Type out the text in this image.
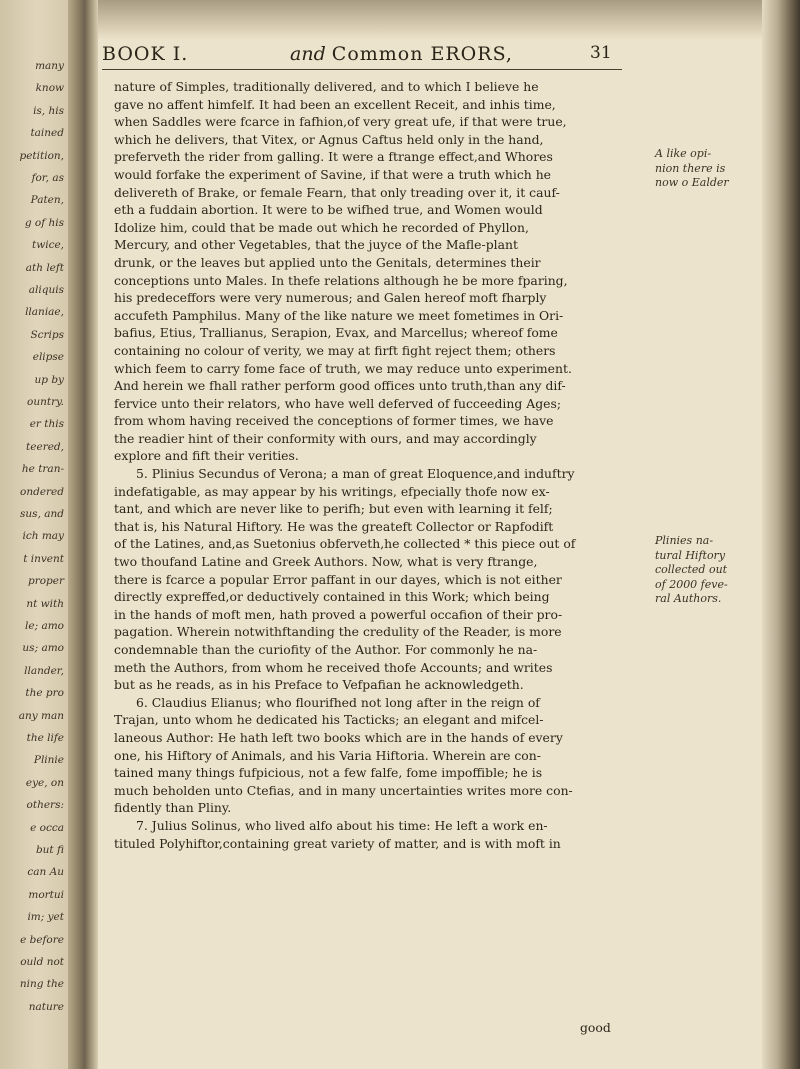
many
know
is, his
tained
petition,
for, as
Paten,
g of his
twice,
ath left
aliquis
llaniae,
Scrips
elipse
up by
ountry.
er this
teered,
he tran-
ondered
sus, and
ich may
t invent
proper
nt with
le; amo
us; amo
llander,
the pro
any man
the life
Plinie
eye, on
others:
e occa
but fi
can Au
mortui
im; yet
e before
ould not
ning the
nature
BOOK I.	and Common ERORS,	31
nature of Simples, traditionally delivered, and to which I believe he
gave no affent himfelf. It had been an excellent Receit, and inhis time,
when Saddles were fcarce in fafhion,of very great ufe, if that were true,
which he delivers, that Vitex, or Agnus Caftus held only in the hand,
preferveth the rider from galling. It were a ftrange effect,and Whores
would forfake the experiment of Savine, if that were a truth which he
delivereth of Brake, or female Fearn, that only treading over it, it cauf-
eth a fuddain abortion. It were to be wifhed true, and Women would
Idolize him, could that be made out which he recorded of Phyllon,
Mercury, and other Vegetables, that the juyce of the Mafle-plant
drunk, or the leaves but applied unto the Genitals, determines their
conceptions unto Males. In thefe relations although he be more fparing,
his predeceffors were very numerous; and Galen hereof moft fharply
accufeth Pamphilus. Many of the like nature we meet fometimes in Ori-
bafius, Etius, Trallianus, Serapion, Evax, and Marcellus; whereof fome
containing no colour of verity, we may at firft fight reject them; others
which feem to carry fome face of truth, we may reduce unto experiment.
And herein we fhall rather perform good offices unto truth,than any dif-
fervice unto their relators, who have well deferved of fucceeding Ages;
from whom having received the conceptions of former times, we have
the readier hint of their conformity with ours, and may accordingly
explore and fift their verities.
5. Plinius Secundus of Verona; a man of great Eloquence,and induftry
indefatigable, as may appear by his writings, efpecially thofe now ex-
tant, and which are never like to perifh; but even with learning it felf;
that is, his Natural Hiftory. He was the greateft Collector or Rapfodift
of the Latines, and,as Suetonius obferveth,he collected * this piece out of
two thoufand Latine and Greek Authors. Now, what is very ftrange,
there is fcarce a popular Error paffant in our dayes, which is not either
directly expreffed,or deductively contained in this Work; which being
in the hands of moft men, hath proved a powerful occafion of their pro-
pagation. Wherein notwithftanding the credulity of the Reader, is more
condemnable than the curiofity of the Author. For commonly he na-
meth the Authors, from whom he received thofe Accounts; and writes
but as he reads, as in his Preface to Vefpafian he acknowledgeth.
6. Claudius Elianus; who flourifhed not long after in the reign of
Trajan, unto whom he dedicated his Tacticks; an elegant and mifcel-
laneous Author: He hath left two books which are in the hands of every
one, his Hiftory of Animals, and his Varia Hiftoria. Wherein are con-
tained many things fufpicious, not a few falfe, fome impoffible; he is
much beholden unto Ctefias, and in many uncertainties writes more con-
fidently than Pliny.
7. Julius Solinus, who lived alfo about his time: He left a work en-
tituled Polyhiftor,containing great variety of matter, and is with moft in
A like opi-
nion there is
now o Ealder
Plinies na-
tural Hiftory
collected out
of 2000 feve-
ral Authors.
good
